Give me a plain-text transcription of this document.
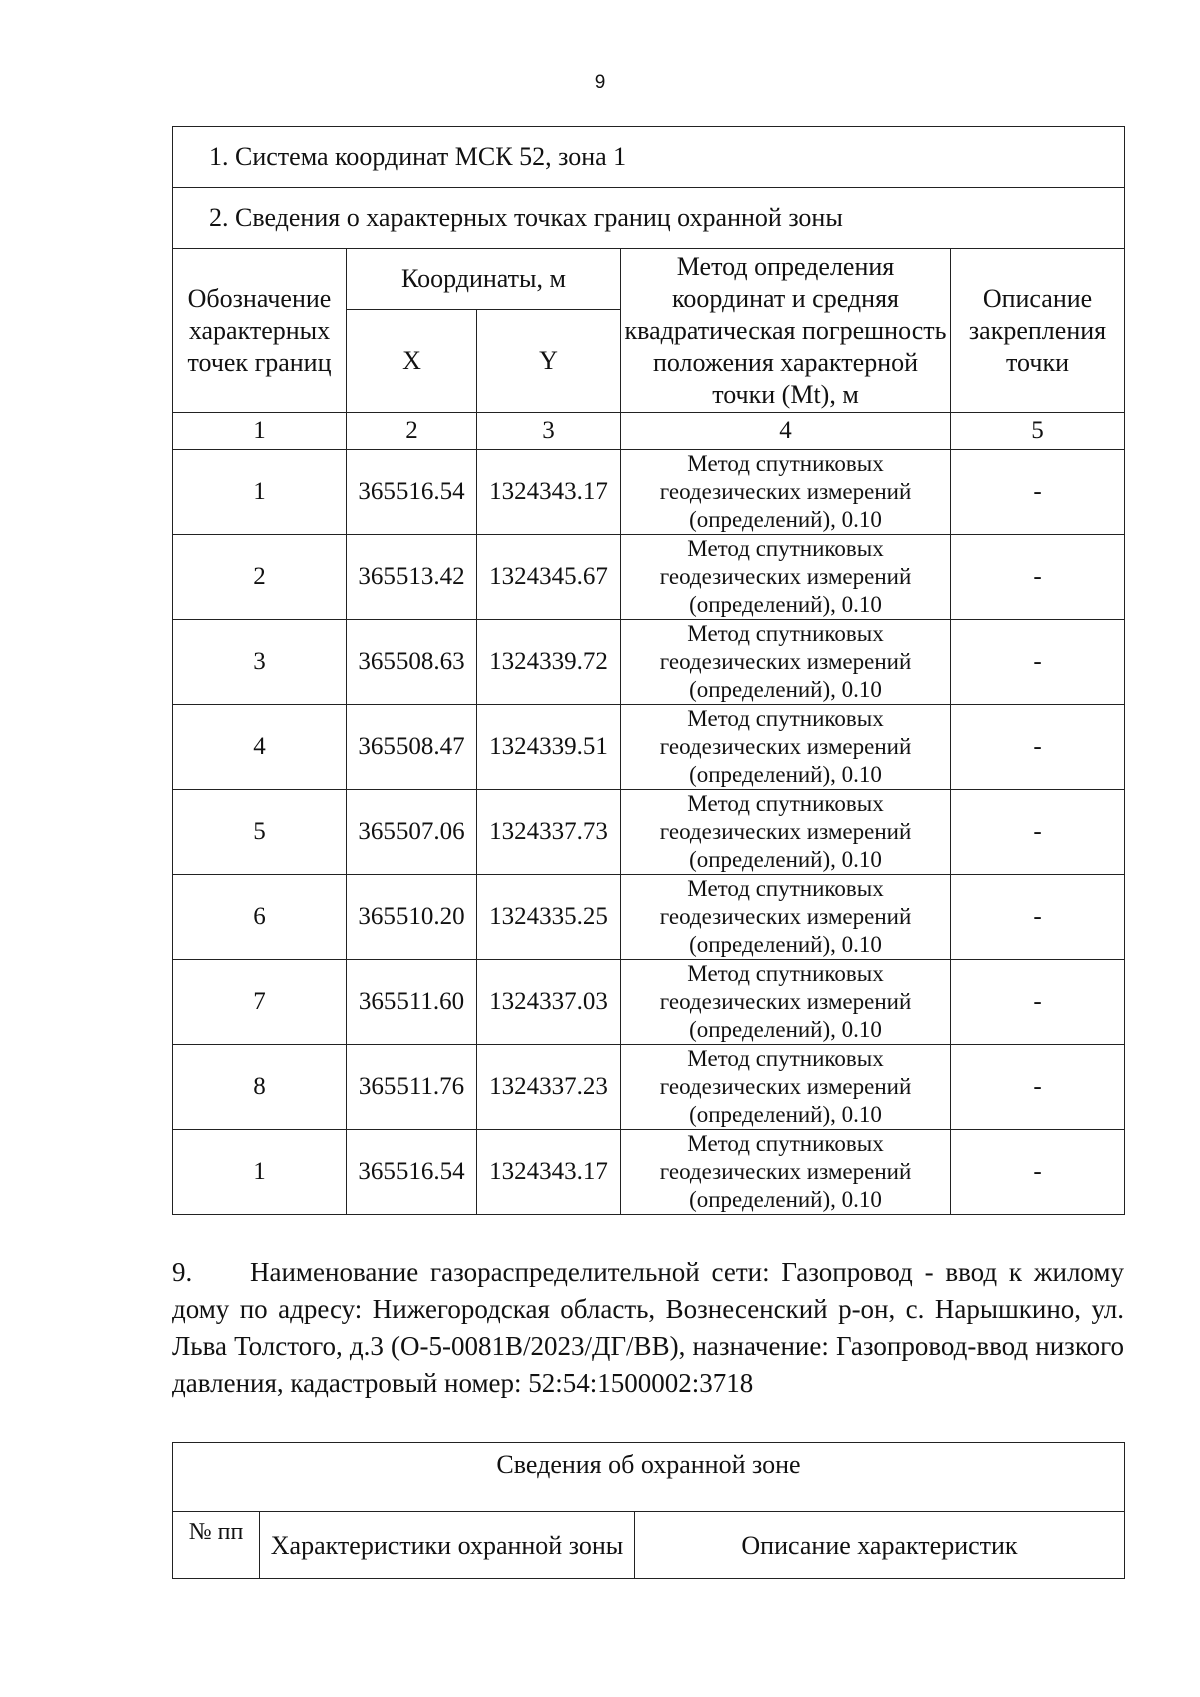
9
1. Система координат МСК 52, зона 1				
2. Сведения о характерных точках границ охранной зоны				
Обозначение характерных точек границ	Координаты, м		Метод определения координат и средняя квадратическая погрешность положения характерной точки (Mt), м	Описание закрепления точки
	X	Y		
1	2	3	4	5
1	365516.54	1324343.17	Метод спутниковых геодезических измерений (определений), 0.10	-
2	365513.42	1324345.67	Метод спутниковых геодезических измерений (определений), 0.10	-
3	365508.63	1324339.72	Метод спутниковых геодезических измерений (определений), 0.10	-
4	365508.47	1324339.51	Метод спутниковых геодезических измерений (определений), 0.10	-
5	365507.06	1324337.73	Метод спутниковых геодезических измерений (определений), 0.10	-
6	365510.20	1324335.25	Метод спутниковых геодезических измерений (определений), 0.10	-
7	365511.60	1324337.03	Метод спутниковых геодезических измерений (определений), 0.10	-
8	365511.76	1324337.23	Метод спутниковых геодезических измерений (определений), 0.10	-
1	365516.54	1324343.17	Метод спутниковых геодезических измерений (определений), 0.10	-

9. Наименование газораспределительной сети: Газопровод - ввод к жилому дому по адресу: Нижегородская область, Вознесенский р-он, с. Нарышкино, ул. Льва Толстого, д.3 (О-5-0081В/2023/ДГ/ВВ), назначение: Газопровод-ввод низкого давления, кадастровый номер: 52:54:1500002:3718

Сведения об охранной зоне
№ пп	Характеристики охранной зоны	Описание характеристик
